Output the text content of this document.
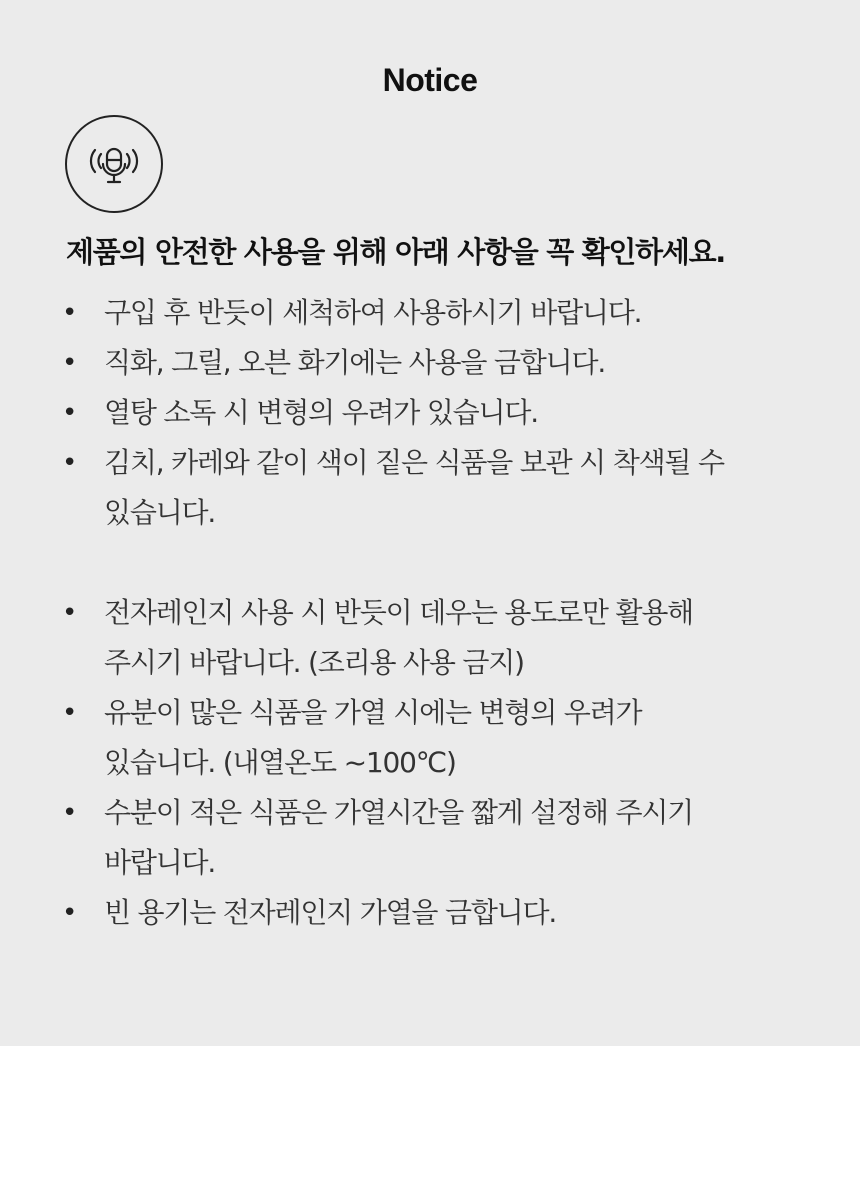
Notice
제품의 안전한 사용을 위해 아래 사항을 꼭 확인하세요.
• 구입 후 반듯이 세척하여 사용하시기 바랍니다.
• 직화, 그릴, 오븐 화기에는 사용을 금합니다.
• 열탕 소독 시 변형의 우려가 있습니다.
• 김치, 카레와 같이 색이 짙은 식품을 보관 시 착색될 수
있습니다.
• 전자레인지 사용 시 반듯이 데우는 용도로만 활용해
주시기 바랍니다. (조리용 사용 금지)
• 유분이 많은 식품을 가열 시에는 변형의 우려가
있습니다. (내열온도 ~100℃)
• 수분이 적은 식품은 가열시간을 짧게 설정해 주시기
바랍니다.
• 빈 용기는 전자레인지 가열을 금합니다.
